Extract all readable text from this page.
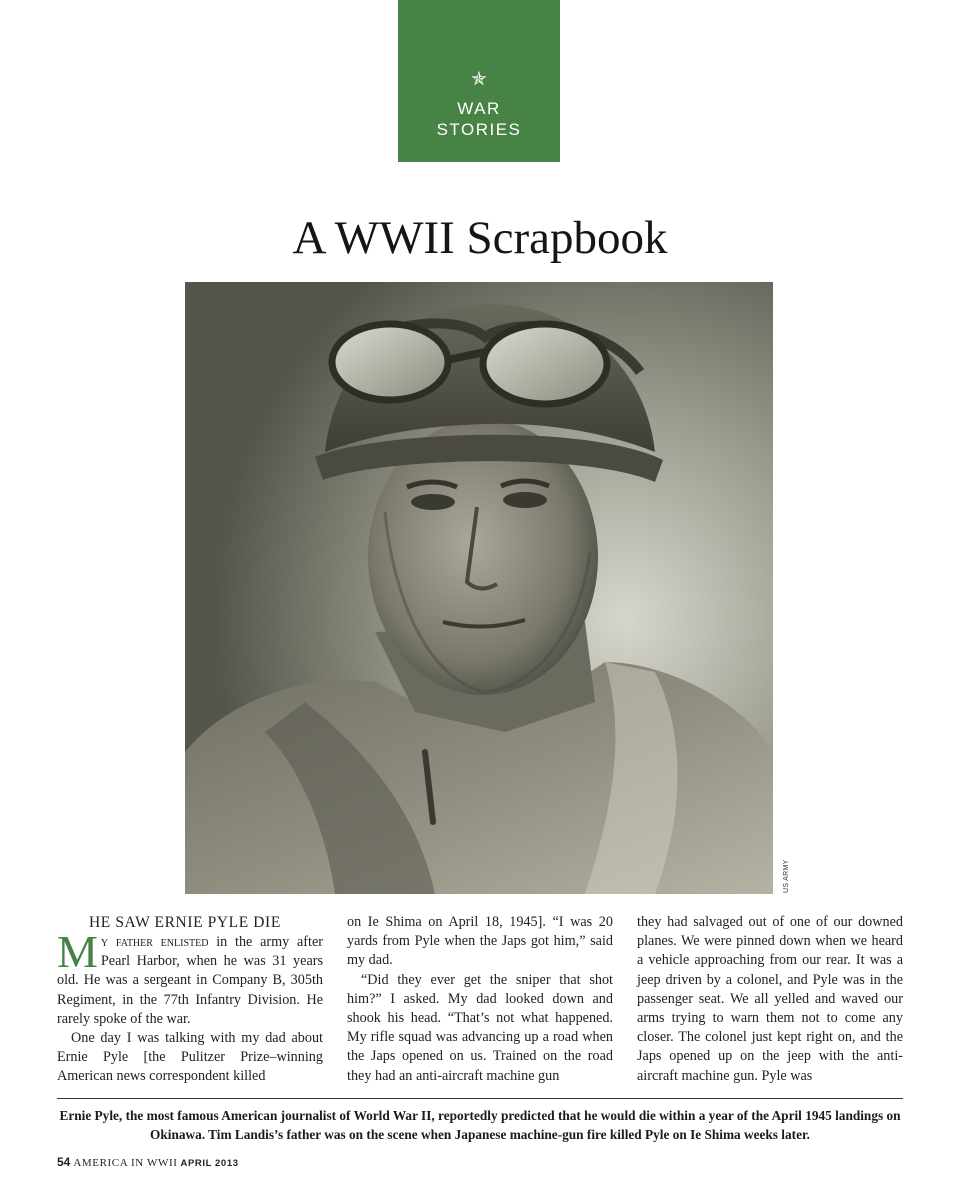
✯
WAR
STORIES
A WWII Scrapbook
US ARMY
HE SAW ERNIE PYLE DIE

My father enlisted in the army after Pearl Harbor, when he was 31 years old. He was a sergeant in Company B, 305th Regiment, in the 77th Infantry Division. He rarely spoke of the war.

One day I was talking with my dad about Ernie Pyle [the Pulitzer Prize–winning American news correspondent killed

on Ie Shima on April 18, 1945]. “I was 20 yards from Pyle when the Japs got him,” said my dad.

“Did they ever get the sniper that shot him?” I asked. My dad looked down and shook his head. “That’s not what happened. My rifle squad was advancing up a road when the Japs opened on us. Trained on the road they had an anti-aircraft machine gun

they had salvaged out of one of our downed planes. We were pinned down when we heard a vehicle approaching from our rear. It was a jeep driven by a colonel, and Pyle was in the passenger seat. We all yelled and waved our arms trying to warn them not to come any closer. The colonel just kept right on, and the Japs opened up on the jeep with the anti-aircraft machine gun. Pyle was

Ernie Pyle, the most famous American journalist of World War II, reportedly predicted that he would die within a year of the April 1945 landings on Okinawa. Tim Landis’s father was on the scene when Japanese machine-gun fire killed Pyle on Ie Shima weeks later.

54 AMERICA IN WWII APRIL 2013
